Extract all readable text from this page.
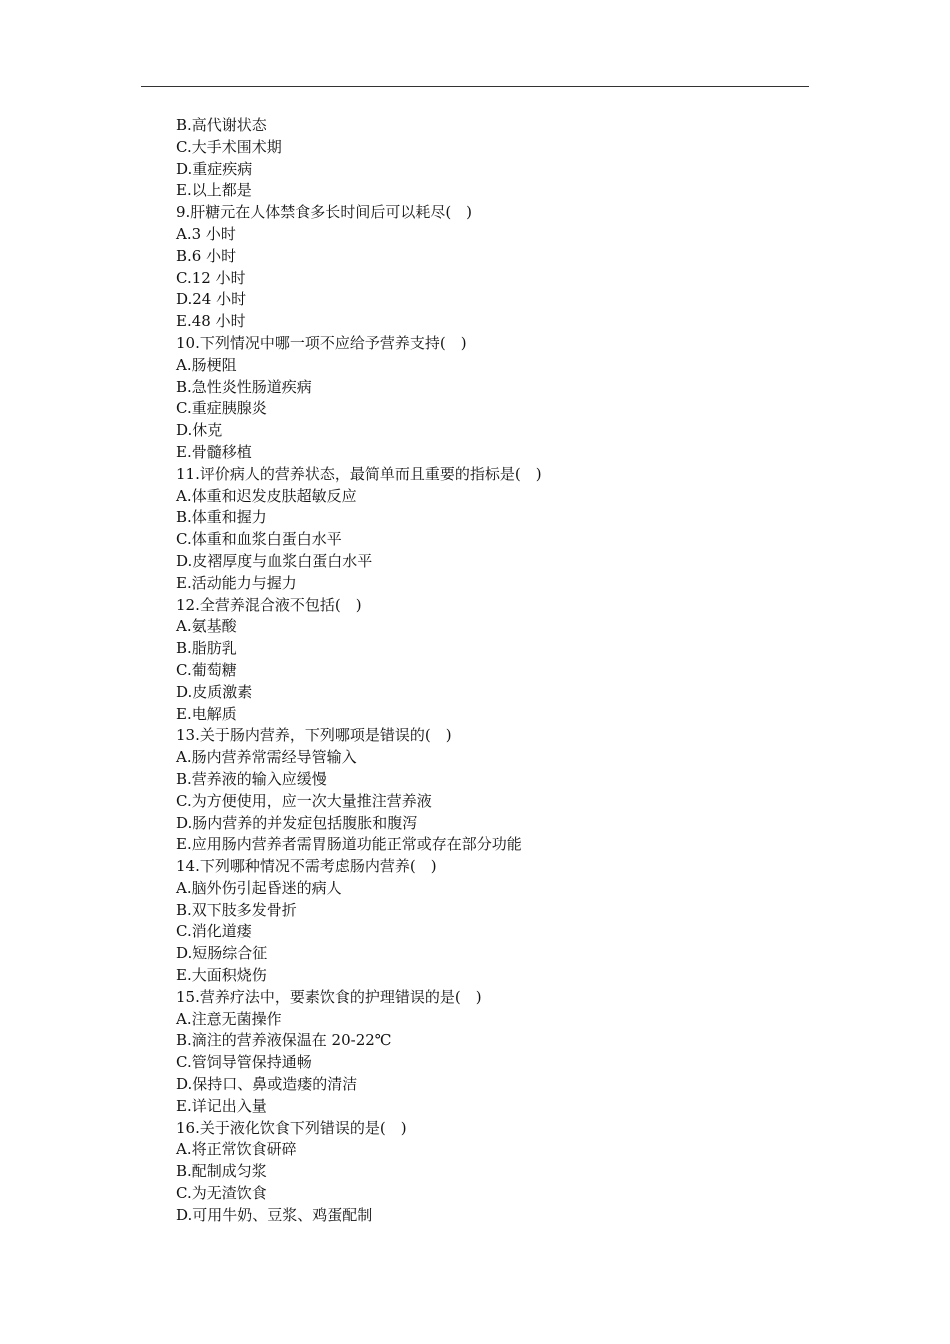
B.高代谢状态
C.大手术围术期
D.重症疾病
E.以上都是
9.肝糖元在人体禁食多长时间后可以耗尽(　)
A.3 小时
B.6 小时
C.12 小时
D.24 小时
E.48 小时
10.下列情况中哪一项不应给予营养支持(　)
A.肠梗阻
B.急性炎性肠道疾病
C.重症胰腺炎
D.休克
E.骨髓移植
11.评价病人的营养状态，最简单而且重要的指标是(　)
A.体重和迟发皮肤超敏反应
B.体重和握力
C.体重和血浆白蛋白水平
D.皮褶厚度与血浆白蛋白水平
E.活动能力与握力
12.全营养混合液不包括(　)
A.氨基酸
B.脂肪乳
C.葡萄糖
D.皮质激素
E.电解质
13.关于肠内营养，下列哪项是错误的(　)
A.肠内营养常需经导管输入
B.营养液的输入应缓慢
C.为方便使用，应一次大量推注营养液
D.肠内营养的并发症包括腹胀和腹泻
E.应用肠内营养者需胃肠道功能正常或存在部分功能
14.下列哪种情况不需考虑肠内营养(　)
A.脑外伤引起昏迷的病人
B.双下肢多发骨折
C.消化道瘘
D.短肠综合征
E.大面积烧伤
15.营养疗法中，要素饮食的护理错误的是(　)
A.注意无菌操作
B.滴注的营养液保温在 20-22℃
C.管饲导管保持通畅
D.保持口、鼻或造瘘的清洁
E.详记出入量
16.关于液化饮食下列错误的是(　)
A.将正常饮食研碎
B.配制成匀浆
C.为无渣饮食
D.可用牛奶、豆浆、鸡蛋配制
